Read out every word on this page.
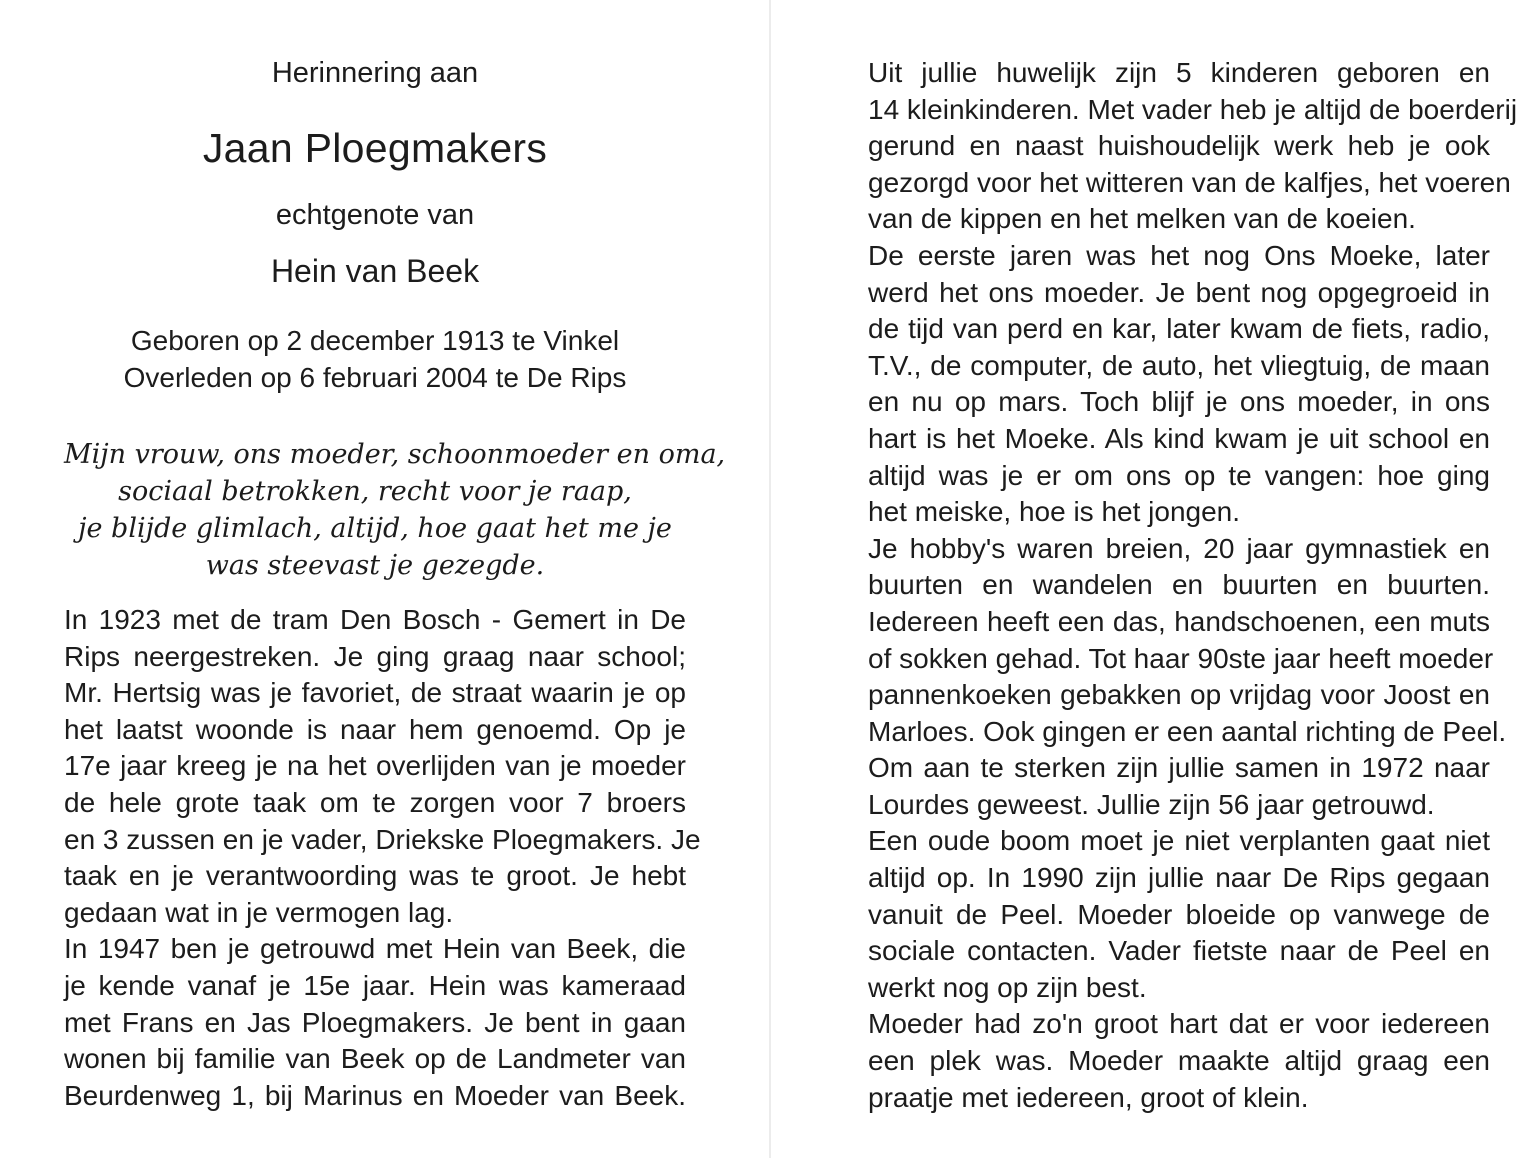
Herinnering aan
Jaan Ploegmakers
echtgenote van
Hein van Beek
Geboren op 2 december 1913 te Vinkel
Overleden op 6 februari 2004 te De Rips
Mijn vrouw, ons moeder, schoonmoeder en oma,
sociaal betrokken, recht voor je raap,
je blijde glimlach, altijd, hoe gaat het me je
was steevast je gezegde.
In 1923 met de tram Den Bosch - Gemert in De
Rips neergestreken. Je ging graag naar school;
Mr. Hertsig was je favoriet, de straat waarin je op
het laatst woonde is naar hem genoemd. Op je
17e jaar kreeg je na het overlijden van je moeder
de hele grote taak om te zorgen voor 7 broers
en 3 zussen en je vader, Driekske Ploegmakers. Je
taak en je verantwoording was te groot. Je hebt
gedaan wat in je vermogen lag.
In 1947 ben je getrouwd met Hein van Beek, die
je kende vanaf je 15e jaar. Hein was kameraad
met Frans en Jas Ploegmakers. Je bent in gaan
wonen bij familie van Beek op de Landmeter van
Beurdenweg 1, bij Marinus en Moeder van Beek.
Uit jullie huwelijk zijn 5 kinderen geboren en
14 kleinkinderen. Met vader heb je altijd de boerderij
gerund en naast huishoudelijk werk heb je ook
gezorgd voor het witteren van de kalfjes, het voeren
van de kippen en het melken van de koeien.
De eerste jaren was het nog Ons Moeke, later
werd het ons moeder. Je bent nog opgegroeid in
de tijd van perd en kar, later kwam de fiets, radio,
T.V., de computer, de auto, het vliegtuig, de maan
en nu op mars. Toch blijf je ons moeder, in ons
hart is het Moeke. Als kind kwam je uit school en
altijd was je er om ons op te vangen: hoe ging
het meiske, hoe is het jongen.
Je hobby's waren breien, 20 jaar gymnastiek en
buurten en wandelen en buurten en buurten.
Iedereen heeft een das, handschoenen, een muts
of sokken gehad. Tot haar 90ste jaar heeft moeder
pannenkoeken gebakken op vrijdag voor Joost en
Marloes. Ook gingen er een aantal richting de Peel.
Om aan te sterken zijn jullie samen in 1972 naar
Lourdes geweest. Jullie zijn 56 jaar getrouwd.
Een oude boom moet je niet verplanten gaat niet
altijd op. In 1990 zijn jullie naar De Rips gegaan
vanuit de Peel. Moeder bloeide op vanwege de
sociale contacten. Vader fietste naar de Peel en
werkt nog op zijn best.
Moeder had zo'n groot hart dat er voor iedereen
een plek was. Moeder maakte altijd graag een
praatje met iedereen, groot of klein.
